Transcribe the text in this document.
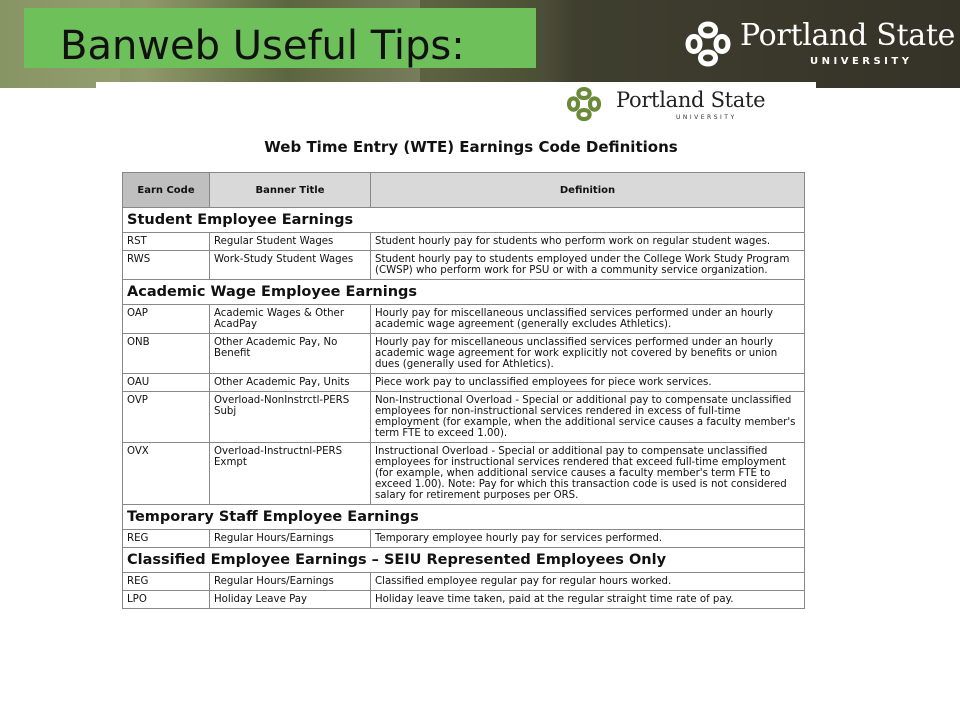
Banweb Useful Tips:	Portland State
UNIVERSITY
Portland State
UNIVERSITY
Web Time Entry (WTE) Earnings Code Definitions
Earn Code	Banner Title	Definition
Student Employee Earnings		
RST	Regular Student Wages	Student hourly pay for students who perform work on regular student wages.
RWS	Work-Study Student Wages	Student hourly pay to students employed under the College Work Study Program (CWSP) who perform work for PSU or with a community service organization.
Academic Wage Employee Earnings		
OAP	Academic Wages & Other AcadPay	Hourly pay for miscellaneous unclassified services performed under an hourly academic wage agreement (generally excludes Athletics).
ONB	Other Academic Pay, No Benefit	Hourly pay for miscellaneous unclassified services performed under an hourly academic wage agreement for work explicitly not covered by benefits or union dues (generally used for Athletics).
OAU	Other Academic Pay, Units	Piece work pay to unclassified employees for piece work services.
OVP	Overload-NonInstrctl-PERS Subj	Non-Instructional Overload - Special or additional pay to compensate unclassified employees for non-instructional services rendered in excess of full-time employment (for example, when the additional service causes a faculty member's term FTE to exceed 1.00).
OVX	Overload-Instructnl-PERS Exmpt	Instructional Overload - Special or additional pay to compensate unclassified employees for instructional services rendered that exceed full-time employment (for example, when additional service causes a faculty member's term FTE to exceed 1.00). Note: Pay for which this transaction code is used is not considered salary for retirement purposes per ORS.
Temporary Staff Employee Earnings		
REG	Regular Hours/Earnings	Temporary employee hourly pay for services performed.
Classified Employee Earnings – SEIU Represented Employees Only		
REG	Regular Hours/Earnings	Classified employee regular pay for regular hours worked.
LPO	Holiday Leave Pay	Holiday leave time taken, paid at the regular straight time rate of pay.
